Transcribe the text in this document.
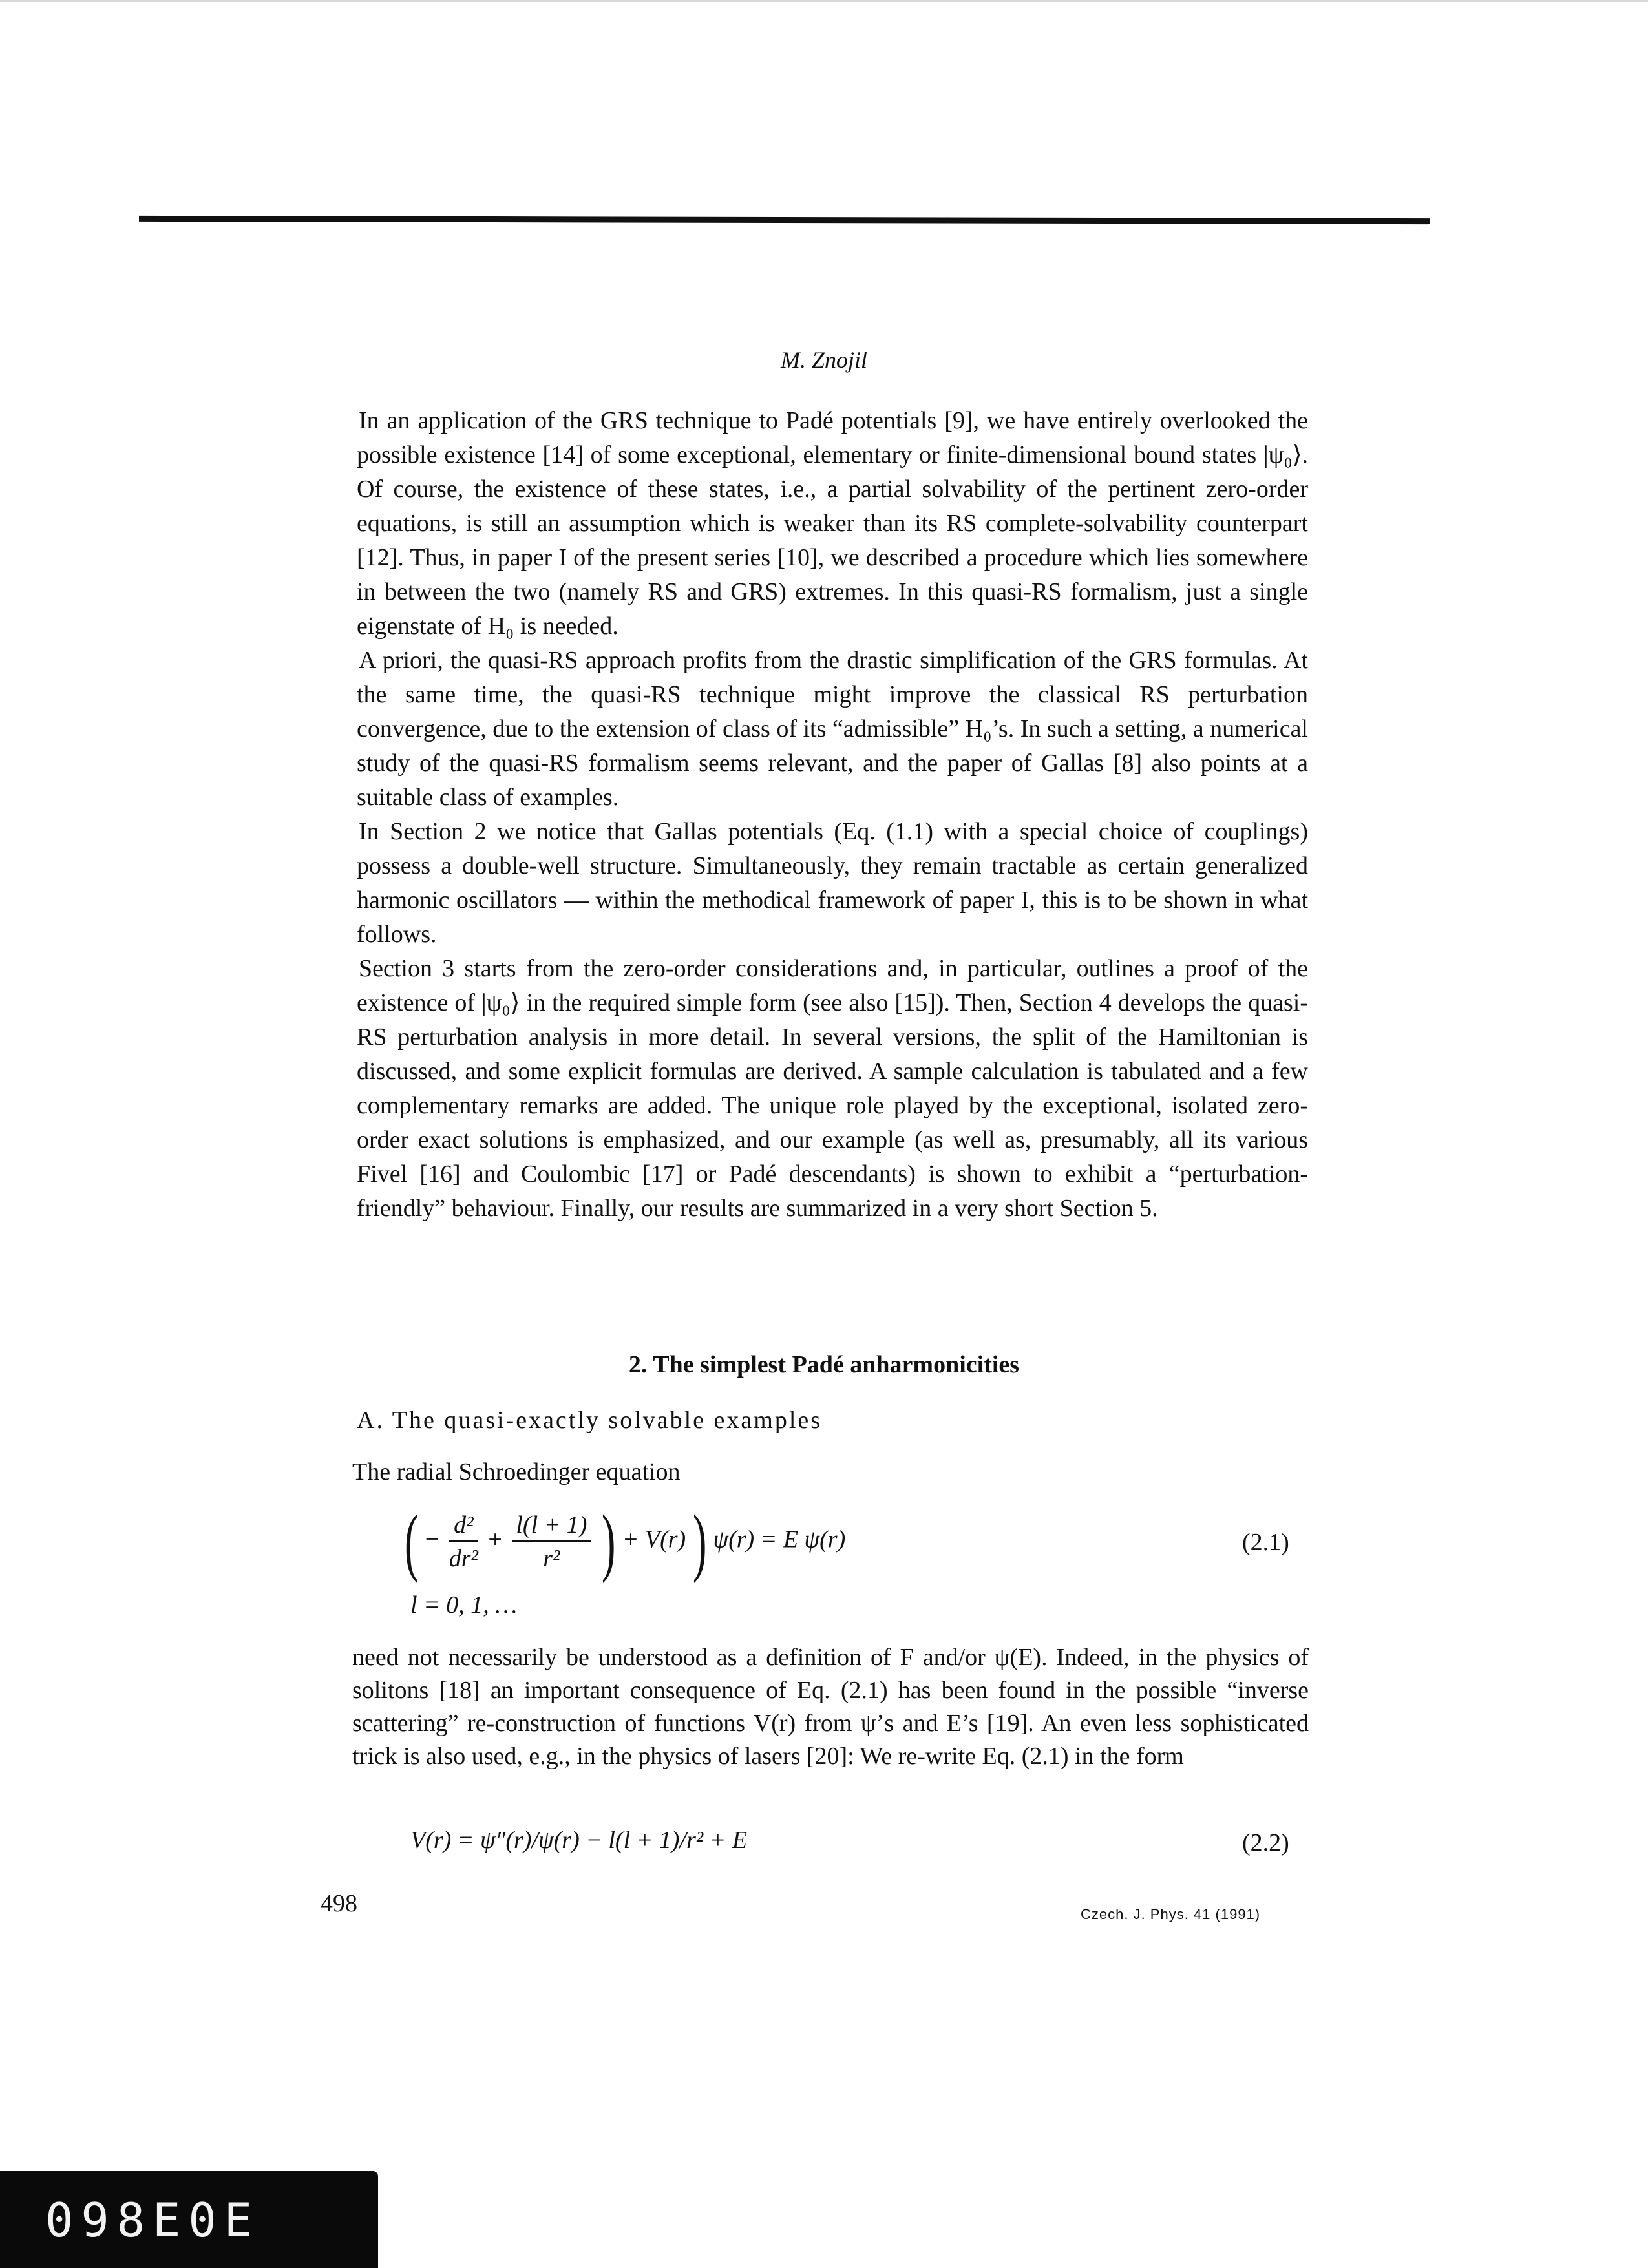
M. Znojil

In an application of the GRS technique to Padé potentials [9], we have entirely overlooked the possible existence [14] of some exceptional, elementary or finite-dimensional bound states |ψ₀⟩. Of course, the existence of these states, i.e., a partial solvability of the pertinent zero-order equations, is still an assumption which is weaker than its RS complete-solvability counterpart [12]. Thus, in paper I of the present series [10], we described a procedure which lies somewhere in between the two (namely RS and GRS) extremes. In this quasi-RS formalism, just a single eigenstate of H₀ is needed.

A priori, the quasi-RS approach profits from the drastic simplification of the GRS formulas. At the same time, the quasi-RS technique might improve the classical RS perturbation convergence, due to the extension of class of its “admissible” H₀’s. In such a setting, a numerical study of the quasi-RS formalism seems relevant, and the paper of Gallas [8] also points at a suitable class of examples.

In Section 2 we notice that Gallas potentials (Eq. (1.1) with a special choice of couplings) possess a double-well structure. Simultaneously, they remain tractable as certain generalized harmonic oscillators — within the methodical framework of paper I, this is to be shown in what follows.

Section 3 starts from the zero-order considerations and, in particular, outlines a proof of the existence of |ψ₀⟩ in the required simple form (see also [15]). Then, Section 4 develops the quasi-RS perturbation analysis in more detail. In several versions, the split of the Hamiltonian is discussed, and some explicit formulas are derived. A sample calculation is tabulated and a few complementary remarks are added. The unique role played by the exceptional, isolated zero-order exact solutions is emphasized, and our example (as well as, presumably, all its various Fivel [16] and Coulombic [17] or Padé descendants) is shown to exhibit a “perturbation-friendly” behaviour. Finally, our results are summarized in a very short Section 5.

2. The simplest Padé anharmonicities
A. The quasi-exactly solvable examples
The radial Schroedinger equation
( − $\frac{\text{d²}}{\text{dr²}} + \frac{l(l + 1)}{\text{r²}}$ ) + V(r) ) ψ(r) = E ψ(r)	(2.1)
l = 0, 1, …

need not necessarily be understood as a definition of F and/or ψ(E). Indeed, in the physics of solitons [18] an important consequence of Eq. (2.1) has been found in the possible “inverse scattering” re-construction of functions V(r) from ψ’s and E’s [19]. An even less sophisticated trick is also used, e.g., in the physics of lasers [20]: We re-write Eq. (2.1) in the form

V(r) = ψ″(r)/ψ(r) − l(l + 1)/r² + E	(2.2)
498	Czech. J. Phys. 41 (1991)
098E0E
